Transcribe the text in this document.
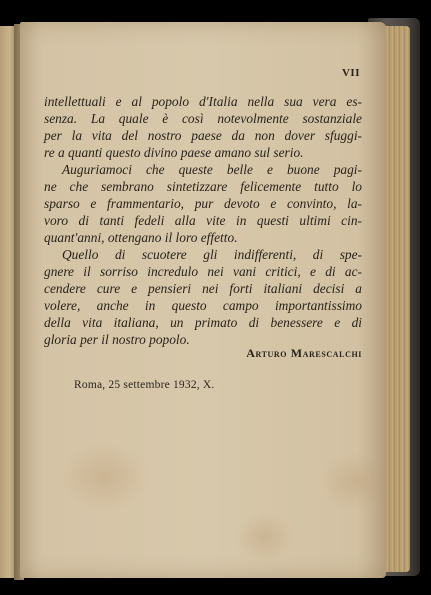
VII
intellettuali e al popolo d'Italia nella sua vera es-
senza. La quale è così notevolmente sostanziale
per la vita del nostro paese da non dover sfuggi-
re a quanti questo divino paese amano sul serio.
Auguriamoci che queste belle e buone pagi-
ne che sembrano sintetizzare felicemente tutto lo
sparso e frammentario, pur devoto e convinto, la-
voro di tanti fedeli alla vite in questi ultimi cin-
quant'anni, ottengano il loro effetto.
Quello di scuotere gli indifferenti, di spe-
gnere il sorriso incredulo nei vani critici, e di ac-
cendere cure e pensieri nei forti italiani decisi a
volere, anche in questo campo importantissimo
della vita italiana, un primato di benessere e di
gloria per il nostro popolo.
Arturo Marescalchi
Roma, 25 settembre 1932, X.
